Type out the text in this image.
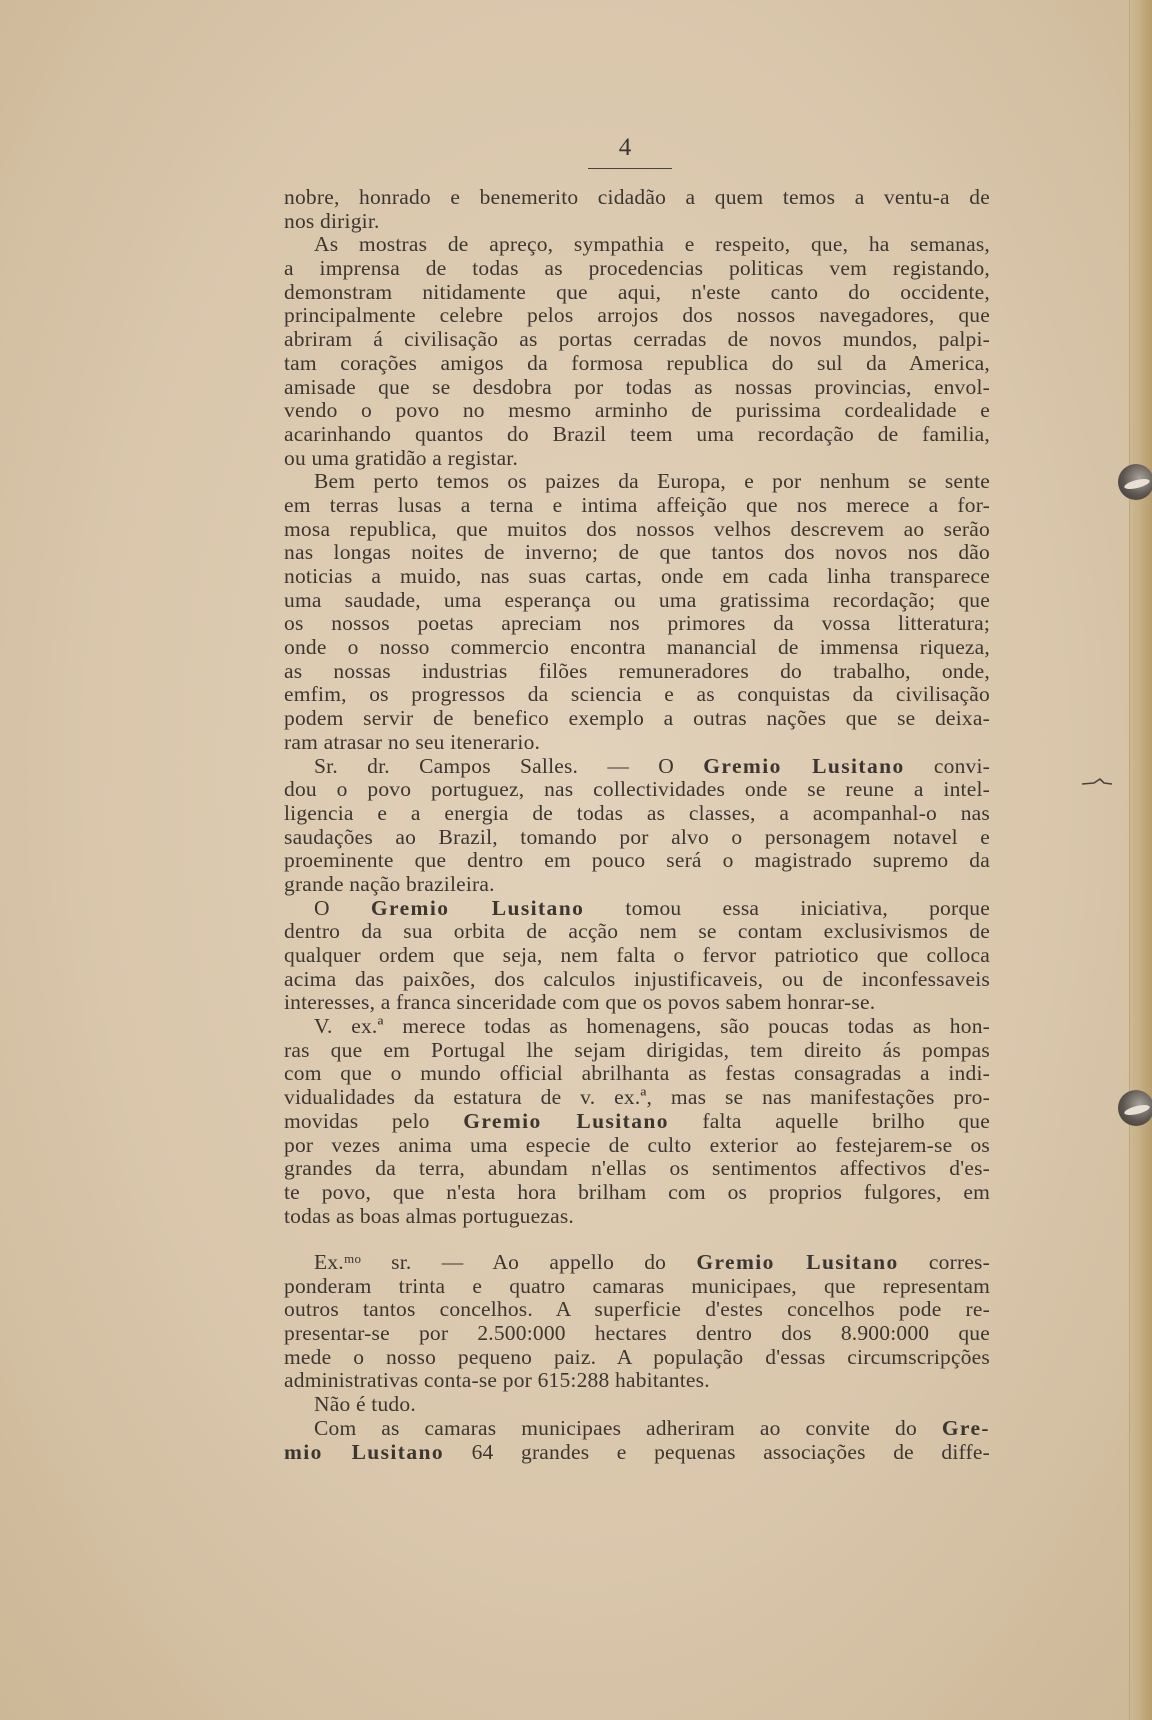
4
nobre, honrado e benemerito cidadão a quem temos a ventu-a de
nos dirigir.
As mostras de apreço, sympathia e respeito, que, ha semanas,
a imprensa de todas as procedencias politicas vem registando,
demonstram nitidamente que aqui, n'este canto do occidente,
principalmente celebre pelos arrojos dos nossos navegadores, que
abriram á civilisação as portas cerradas de novos mundos, palpi-
tam corações amigos da formosa republica do sul da America,
amisade que se desdobra por todas as nossas provincias, envol-
vendo o povo no mesmo arminho de purissima cordealidade e
acarinhando quantos do Brazil teem uma recordação de familia,
ou uma gratidão a registar.
Bem perto temos os paizes da Europa, e por nenhum se sente
em terras lusas a terna e intima affeição que nos merece a for-
mosa republica, que muitos dos nossos velhos descrevem ao serão
nas longas noites de inverno; de que tantos dos novos nos dão
noticias a muido, nas suas cartas, onde em cada linha transparece
uma saudade, uma esperança ou uma gratissima recordação; que
os nossos poetas apreciam nos primores da vossa litteratura;
onde o nosso commercio encontra manancial de immensa riqueza,
as nossas industrias filões remuneradores do trabalho, onde,
emfim, os progressos da sciencia e as conquistas da civilisação
podem servir de benefico exemplo a outras nações que se deixa-
ram atrasar no seu itenerario.
Sr. dr. Campos Salles. — O Gremio Lusitano convi-
dou o povo portuguez, nas collectividades onde se reune a intel-
ligencia e a energia de todas as classes, a acompanhal-o nas
saudações ao Brazil, tomando por alvo o personagem notavel e
proeminente que dentro em pouco será o magistrado supremo da
grande nação brazileira.
O Gremio Lusitano tomou essa iniciativa, porque
dentro da sua orbita de acção nem se contam exclusivismos de
qualquer ordem que seja, nem falta o fervor patriotico que colloca
acima das paixões, dos calculos injustificaveis, ou de inconfessaveis
interesses, a franca sinceridade com que os povos sabem honrar-se.
V. ex.ª merece todas as homenagens, são poucas todas as hon-
ras que em Portugal lhe sejam dirigidas, tem direito ás pompas
com que o mundo official abrilhanta as festas consagradas a indi-
vidualidades da estatura de v. ex.ª, mas se nas manifestações pro-
movidas pelo Gremio Lusitano falta aquelle brilho que
por vezes anima uma especie de culto exterior ao festejarem-se os
grandes da terra, abundam n'ellas os sentimentos affectivos d'es-
te povo, que n'esta hora brilham com os proprios fulgores, em
todas as boas almas portuguezas.
Ex.ᵐᵒ sr. — Ao appello do Gremio Lusitano corres-
ponderam trinta e quatro camaras municipaes, que representam
outros tantos concelhos. A superficie d'estes concelhos pode re-
presentar-se por 2.500:000 hectares dentro dos 8.900:000 que
mede o nosso pequeno paiz. A população d'essas circumscripções
administrativas conta-se por 615:288 habitantes.
Não é tudo.
Com as camaras municipaes adheriram ao convite do Gre-
mio Lusitano 64 grandes e pequenas associações de diffe-
